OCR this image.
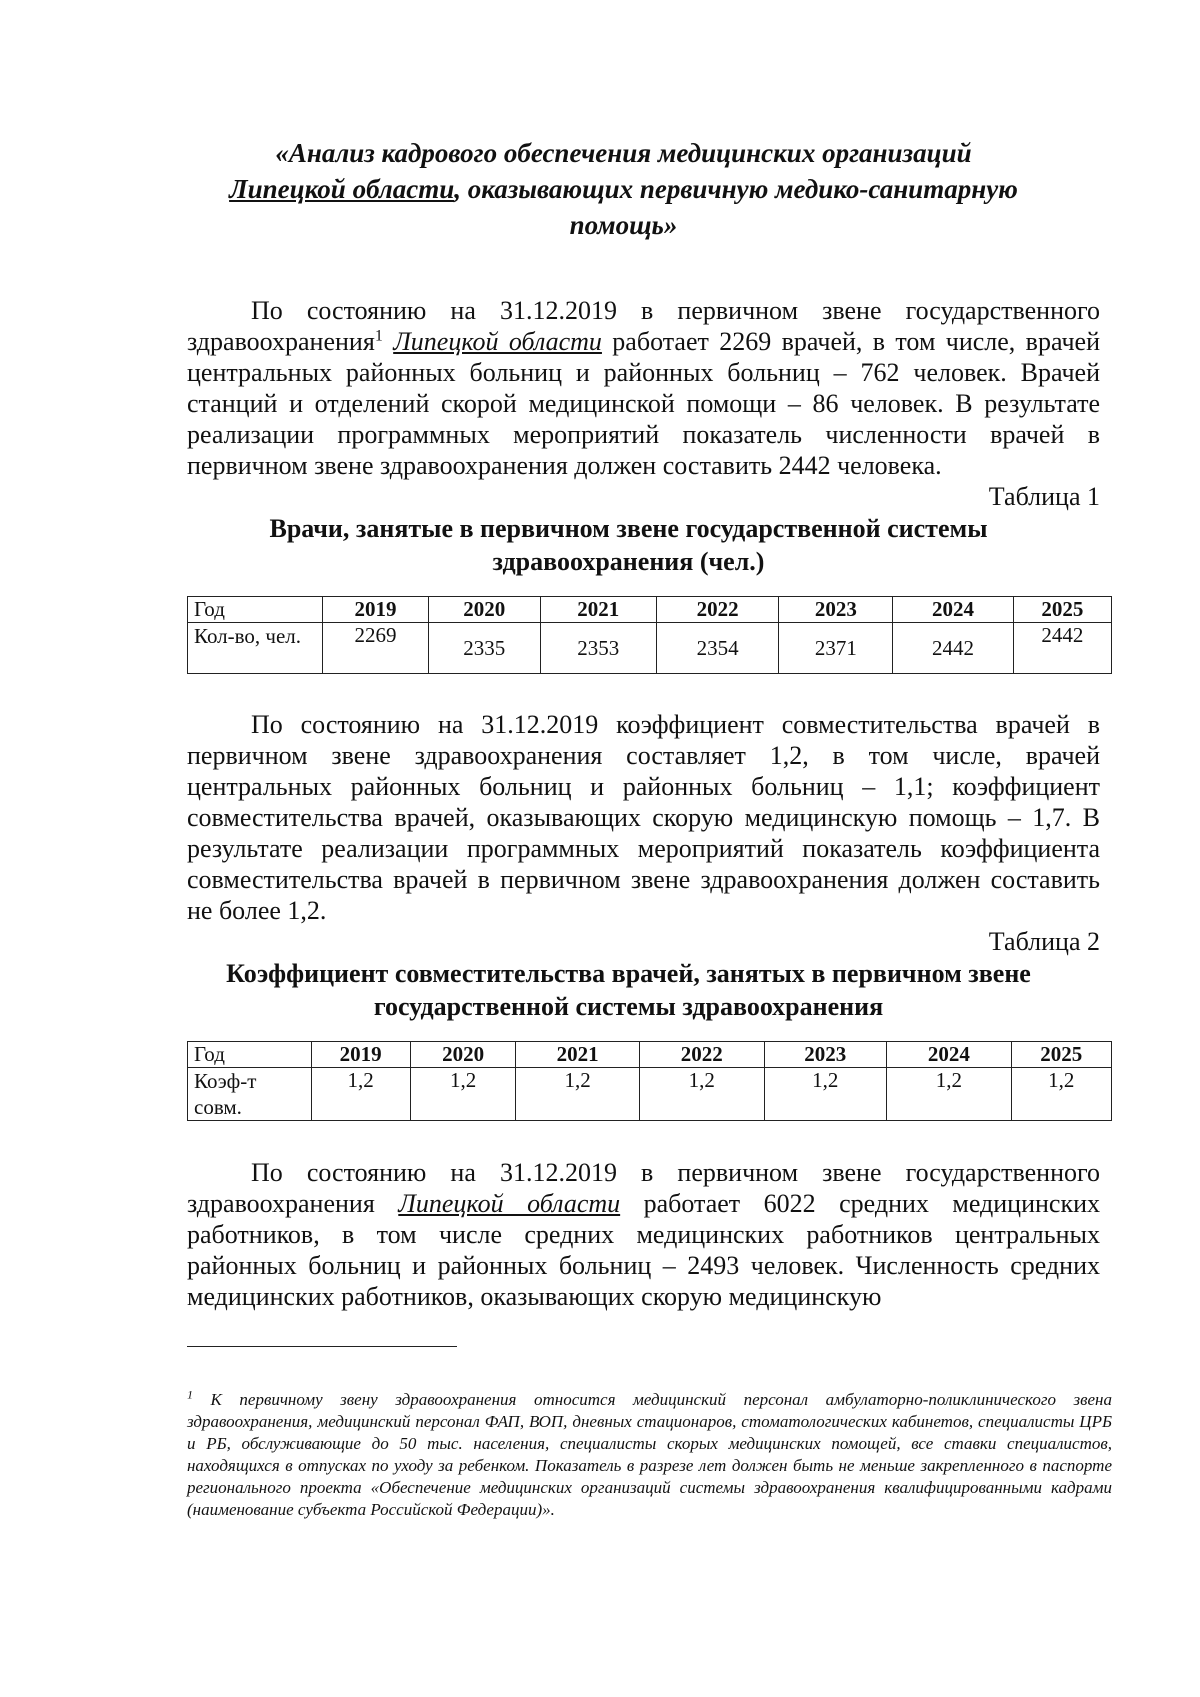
«Анализ кадрового обеспечения медицинских организаций
Липецкой области, оказывающих первичную медико-санитарную
помощь»

По состоянию на 31.12.2019 в первичном звене государственного здравоохранения$^1$ Липецкой области работает 2269 врачей, в том числе, врачей центральных районных больниц и районных больниц – 762 человек. Врачей станций и отделений скорой медицинской помощи – 86 человек. В результате реализации программных мероприятий показатель численности врачей в первичном звене здравоохранения должен составить 2442 человека.

Таблица 1

Врачи, занятые в первичном звене государственной системы
здравоохранения (чел.)
Год	2019	2020	2021	2022	2023	2024	2025
Кол-во, чел.	2269	2335	2353	2354	2371	2442	2442

По состоянию на 31.12.2019 коэффициент совместительства врачей в первичном звене здравоохранения составляет 1,2, в том числе, врачей центральных районных больниц и районных больниц – 1,1; коэффициент совместительства врачей, оказывающих скорую медицинскую помощь – 1,7. В результате реализации программных мероприятий показатель коэффициента совместительства врачей в первичном звене здравоохранения должен составить не более 1,2.

Таблица 2

Коэффициент совместительства врачей, занятых в первичном звене
государственной системы здравоохранения
Год	2019	2020	2021	2022	2023	2024	2025
Коэф-т совм.	1,2	1,2	1,2	1,2	1,2	1,2	1,2

По состоянию на 31.12.2019 в первичном звене государственного здравоохранения Липецкой области работает 6022 средних медицинских работников, в том числе средних медицинских работников центральных районных больниц и районных больниц – 2493 человек. Численность средних медицинских работников, оказывающих скорую медицинскую

$^1$ К первичному звену здравоохранения относится медицинский персонал амбулаторно-поликлинического звена здравоохранения, медицинский персонал ФАП, ВОП, дневных стационаров, стоматологических кабинетов, специалисты ЦРБ и РБ, обслуживающие до 50 тыс. населения, специалисты скорых медицинских помощей, все ставки специалистов, находящихся в отпусках по уходу за ребенком. Показатель в разрезе лет должен быть не меньше закрепленного в паспорте регионального проекта «Обеспечение медицинских организаций системы здравоохранения квалифицированными кадрами (наименование субъекта Российской Федерации)».
